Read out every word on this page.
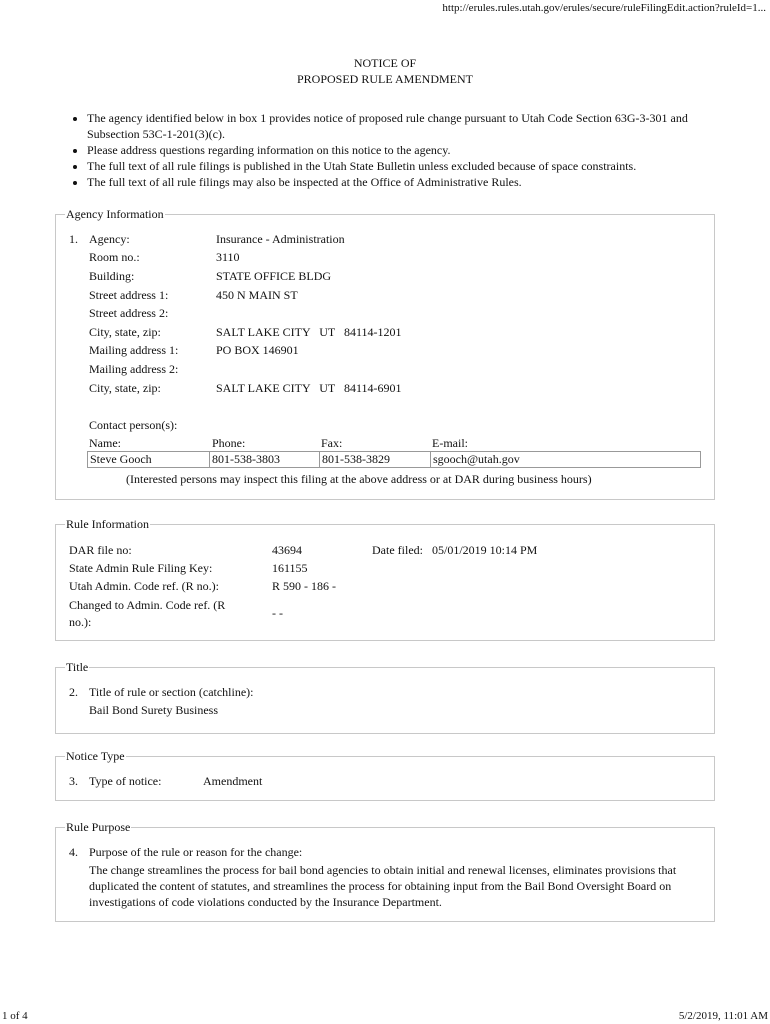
http://erules.rules.utah.gov/erules/secure/ruleFilingEdit.action?ruleId=1...
NOTICE OF
PROPOSED RULE AMENDMENT
• The agency identified below in box 1 provides notice of proposed rule change pursuant to Utah Code Section 63G-3-301 and Subsection 53C-1-201(3)(c).
• Please address questions regarding information on this notice to the agency.
• The full text of all rule filings is published in the Utah State Bulletin unless excluded because of space constraints.
• The full text of all rule filings may also be inspected at the Office of Administrative Rules.
Agency Information
1. Agency:	Insurance - Administration
Room no.:	3110
Building:	STATE OFFICE BLDG
Street address 1:	450 N MAIN ST
Street address 2:
City, state, zip:	SALT LAKE CITY   UT   84114-1201
Mailing address 1:	PO BOX 146901
Mailing address 2:
City, state, zip:	SALT LAKE CITY   UT   84114-6901
Contact person(s):
Name:	Phone:	Fax:	E-mail:
Steve Gooch	801-538-3803	801-538-3829	sgooch@utah.gov
(Interested persons may inspect this filing at the above address or at DAR during business hours)
Rule Information
DAR file no:	43694	Date filed: 05/01/2019 10:14 PM
State Admin Rule Filing Key:	161155
Utah Admin. Code ref. (R no.):	R 590 - 186 -
Changed to Admin. Code ref. (R
no.):
- -
Title
2. Title of rule or section (catchline):
Bail Bond Surety Business
Notice Type
3. Type of notice:	Amendment
Rule Purpose
4. Purpose of the rule or reason for the change:
The change streamlines the process for bail bond agencies to obtain initial and renewal licenses, eliminates provisions that duplicated the content of statutes, and streamlines the process for obtaining input from the Bail Bond Oversight Board on investigations of code violations conducted by the Insurance Department.
1 of 4	5/2/2019, 11:01 AM
